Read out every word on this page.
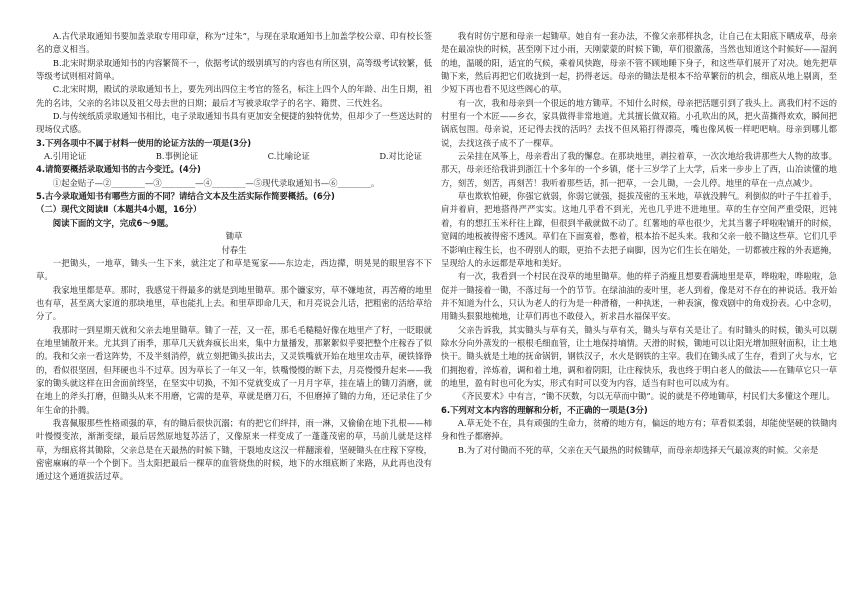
A.古代录取通知书要加盖录取专用印章，称为“过朱”，与现在录取通知书上加盖学校公章、印有校长签名的意义相当。

B.北宋时期录取通知书的内容繁简不一，依据考试的级别填写的内容也有所区别，高等级考试较繁，低等级考试则相对简单。

C.北宋时期，殿试的录取通知书上，要先列出四位主考官的签名，标注上四个人的年龄、出生日期，祖先的名讳，父亲的名讳以及祖父母去世的日期；最后才写被录取学子的名字、籍贯、三代姓名。

D.与传统纸质录取通知书相比，电子录取通知书具有更加安全便捷的独特优势，但却少了一些送达时的现场仪式感。

3.下列各项中不属于材料一使用的论证方法的一项是(3分)

A.引用论证	B.事例论证	C.比喻论证	D.对比论证

4.请简要概括录取通知书的古今变迁。(4分)

①起金贴子—②________—③________—④________—⑤现代录取通知书—⑥________。

5.古今录取通知书有哪些方面的不同？请结合文本及生活实际作简要概括。(6分)

（二）现代文阅读Ⅱ（本题共4小题，16分）

阅读下面的文字，完成6～9题。

锄草

付春生

一把锄头，一地草，锄头一生下来，就注定了和草是冤家——东边走，西边撵，明晃晃的眼里容不下草。

我家地里都是草。那时，我感觉干得最多的就是到地里锄草。那个镰家穷，草不嫌地贫，再苦瘠的地里也有草，甚至离大家道的那块地里，草也能扎上去。和里草即命几天，和月亮说会儿话，把粗密的活给草给分了。

我那时一到星期天就和父亲去地里锄草。锄了一茬，又一茬，那毛毛糙糙好像在地里产了籽，一眨眼就在地里铺散开来。尤其到了雨季，那草几天就奔疯长出来，集中力量播发，那絮絮似乎要把整个庄稼吞了似的。我和父亲一看这阵势，不及半刻消停，就立刻把锄头拔出去，又灵铁嘴就开始在地里攻击草，硬铁锋铮的，看似很坚固，但拜硬也斗不过草。因为草长了一年又一年，铁嘴慢慢的断下去，月亮慢慢升起来——我家的锄头就这样在田舍面前终坚，在坚实中切换，不知不觉就变成了一月月字草，挂在墙上的锄刀消磨，就在地上的斧头打磨，但锄头从来不用磨，它需的是草，草就是磨刀石，不但磨掉了锄的力角，还记录住了少年生命的扑腾。

我喜佩服那些性格顽强的草，有的锄后很快沉溺；有的把它们绊拌，雨一淋，又偷偷在地下扎根——柿叶慢慢变浓，渐渐变绿，最后居然原地复苏活了，又像原来一样变成了一蓬蓬茂密的草，马前儿就是这样草，为细底将其锄除，父亲总是在天最热的时候下锄，干裂地皮这汉一样翻滚着，坚硬锄头在庄稼下穿梭，密密麻麻的草一个个倒下。当太阳把最后一棵草的血管烧焦的时候，地下的水细底断了来路，从此再也没有通过这个通道拔活过草。

我有时仿宁愿和母亲一起锄草。她自有一套办法，不像父亲那样执念，让自己在太阳底下晒成草，母亲是在最凉快的时候，甚至刚下过小雨，天刚蒙蒙的时候下锄，草们很激荡，当然也知道这个时候好——湿润的地，温暖的阳，适宜的气候，乘着风快跑，母亲不管不顾地睡下身子，和这些草们展开了对决。她先把草锄下来，然后再把它们收拢到一起，扔得老远。母亲的锄法是根本不给草繁衍的机会，细底从地上剔离，至少短下再也看不见这些阁心的草。

有一次，我和母亲到一个很远的地方锄草。不知什么时候，母亲把活题引到了我头上。离我们村不远的村里有一个木匠——乡衣，家具做得非常地道。尤其擅长做双箱。小孔吹出的风，把火苗撕得欢欢，瞬间把锅底包围。母亲说，还记得去找的活吗？去找不但风箱打得漂亮，嘴也像风板一样吧吧响。母亲到哪儿都说，去找这孩子成不了一棵草。

云朵挂在风筝上，母亲看出了我的懈怠。在那块地里，剥拉着草，一次次地给我讲那些大人物的故事。那天，母亲还给我讲到浙江十个多年的一个乡镇，佬十三岁学了上大学，后来一步步上了西，山冶读懂的地方，刻苦，刻苦，再刻苦！我听着那些话，抓一把草，一会儿锄，一会儿停。地里的草在一点点减少。

草也欺软怕硬，你强它就弱，你弱它就强，挺拔茂密的玉米地，草就没脾气。利倒似的叶子牛扛着手，肩并着肩，把地搭得严严实实。这地几乎看不到光，光也几乎进不进地里。草的生存空间严重受限，迟钝着，有的想扛玉米秆往上蹿，但很到半截就做不动了。红薯地的草也很少，尤其当薯子呼啦啦铺开的时候，宽阔的地板被得密不透风。草们在下面寞着，憋着，根本抬不起头来。我和父亲一般不锄这些草。它们几乎不影响庄稼生长，也不碍别人的眼，更抬不去把子扁脚，因为它们生长在暗处，一切都被庄稼的外表遮掩，呈现给人的永远都是草地和美好。

有一次，我看到一个村民在没草的地里锄草。他的样子消瘦且想要看满地里是草，哗啦啦，哗啦啦，急促并一锄接着一锄，不落过每一个的节节。在绿油油的麦叶里，老人到着，像是对不存在的神说话。我开始并不知道为什么，只认为老人的行为是一种滑稽，一种执迷，一种表演，像戏剧中的角戏扮表。心中念叨，用锄头狠狠地梳地，让草们再也不敢侵入，祈求昌水福保平安。

父亲告诉我，其实锄头与草有关，锄头与草有关，锄头与草有关是让了。有时锄头的时候，锄头可以剔除水分向外蒸发的一根根毛细血管，让土地保持墒情。天滑的时候，锄地可以让阳光增加照射面积，让土地快干。锄头就是土地的抚命锅钥，钢铁汉子，水火是钢铁的主宰。我们在锄头成了生存，看到了火与水，它们拥抱着，淬炼着，调和着土地，调和着阴阳，让庄稼快乐，我也终于明白老人的做法——在锄草它只一草的地里，盈有时也可化为实，形式有时可以变为内容，适当有时也可以成为有。

《齐民要术》中有言，“锄不厌数，匀以无草而中锄”。说的就是不停地锄草，村民们大多懂这个理儿。

6.下列对文本内容的理解和分析，不正确的一项是(3分)

A.草无处不在，具有顽强的生命力，贫瘠的地方有，偏远的地方有；草看似柔弱，却能使坚硬的铁锄肉身和性子都磨掉。

B.为了对付锄而不死的草，父亲在天气最热的时候锄草，而母亲却选择天气最凉爽的时候。父亲是
